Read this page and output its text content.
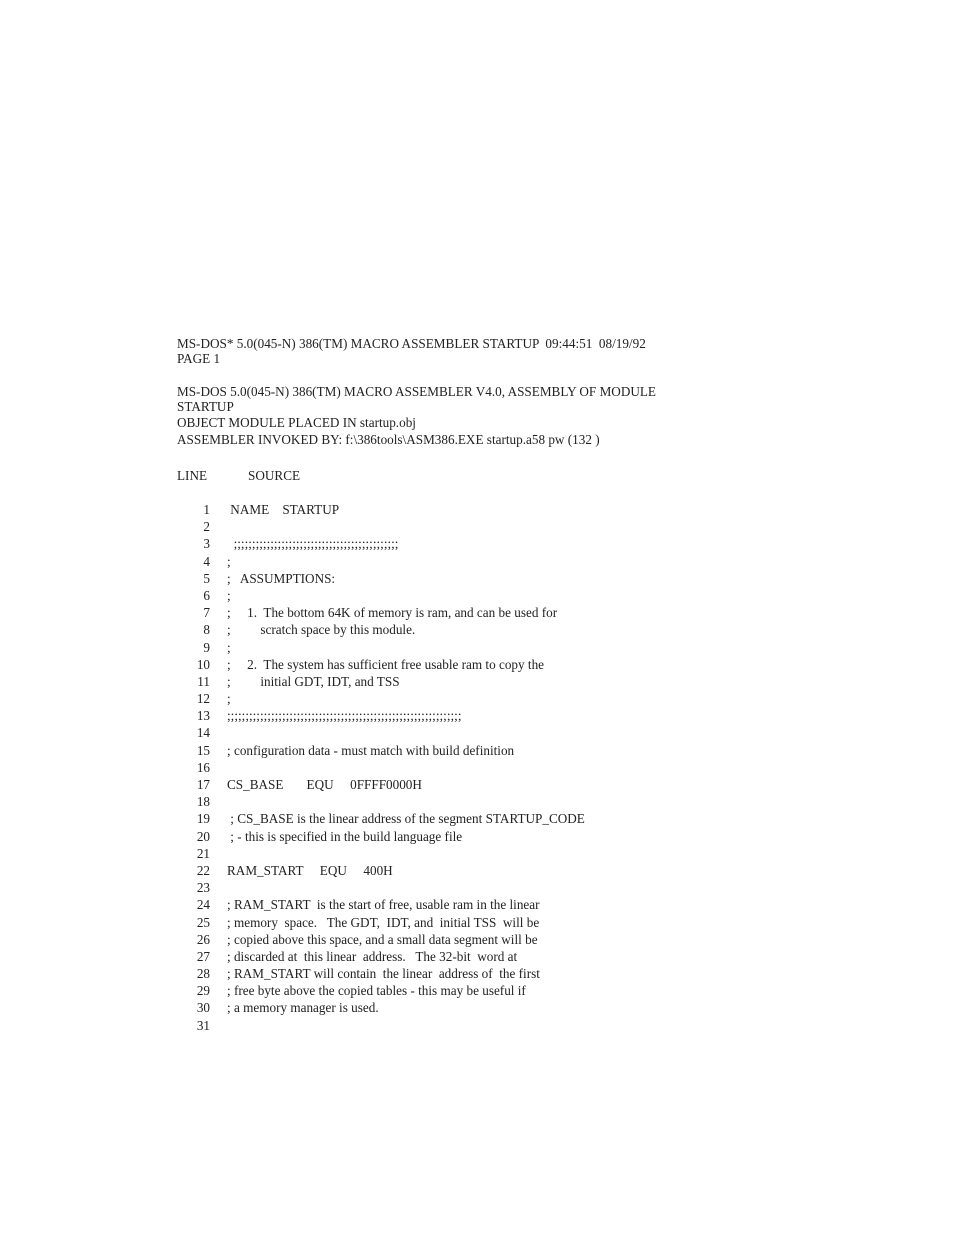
MS-DOS* 5.0(045-N) 386(TM) MACRO ASSEMBLER STARTUP  09:44:51  08/19/92
PAGE 1
MS-DOS 5.0(045-N) 386(TM) MACRO ASSEMBLER V4.0, ASSEMBLY OF MODULE
STARTUP
OBJECT MODULE PLACED IN startup.obj
ASSEMBLER INVOKED BY: f:\386tools\ASM386.EXE startup.a58 pw (132 )
LINE	SOURCE
1	NAME    STARTUP
2
3	;;;;;;;;;;;;;;;;;;;;;;;;;;;;;;;;;;;;;;;;;;;;;
4	;
5	;   ASSUMPTIONS:
6	;
7	;     1.  The bottom 64K of memory is ram, and can be used for
8	;         scratch space by this module.
9	;
10	;     2.  The system has sufficient free usable ram to copy the
11	;         initial GDT, IDT, and TSS
12	;
13	;;;;;;;;;;;;;;;;;;;;;;;;;;;;;;;;;;;;;;;;;;;;;;;;;;;;;;;;;;;;;;;;
14
15	; configuration data - must match with build definition
16
17	CS_BASE       EQU     0FFFF0000H
18
19	; CS_BASE is the linear address of the segment STARTUP_CODE
20	; - this is specified in the build language file
21
22	RAM_START     EQU     400H
23
24	; RAM_START  is the start of free, usable ram in the linear
25	; memory  space.   The GDT,  IDT, and  initial TSS  will be
26	; copied above this space, and a small data segment will be
27	; discarded at  this linear  address.   The 32-bit  word at
28	; RAM_START will contain  the linear  address of  the first
29	; free byte above the copied tables - this may be useful if
30	; a memory manager is used.
31
